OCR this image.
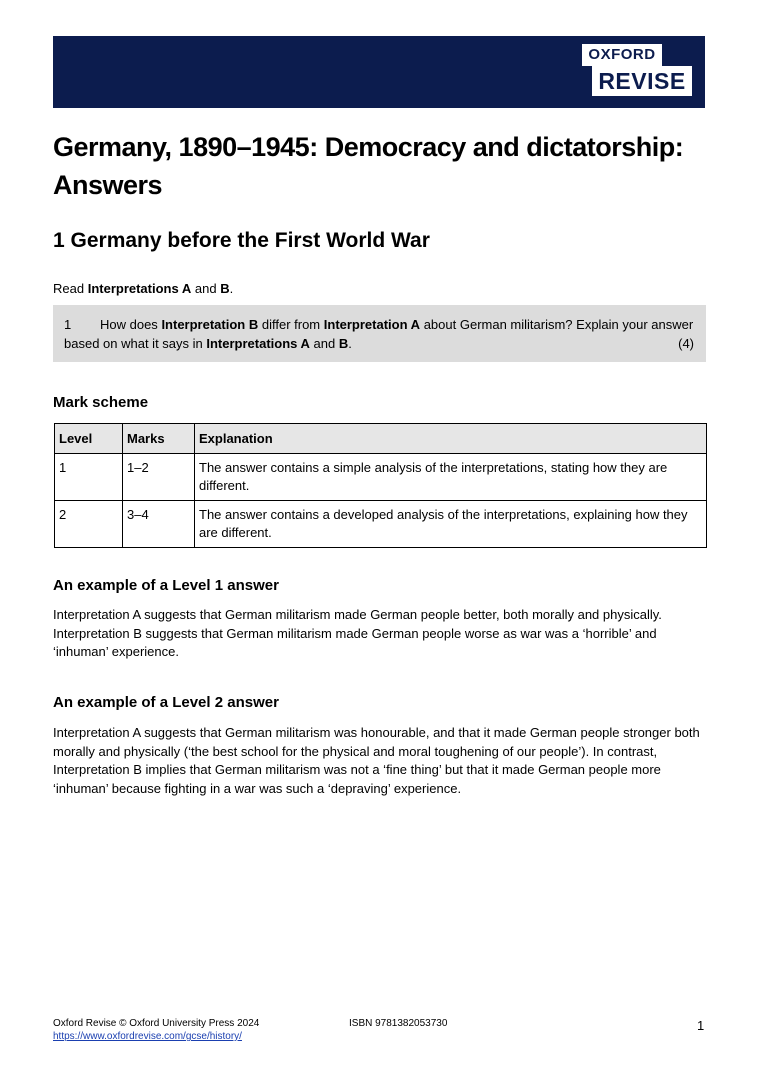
OXFORD
REVISE
Germany, 1890–1945: Democracy and dictatorship: Answers
1 Germany before the First World War
Read Interpretations A and B.
1 How does Interpretation B differ from Interpretation A about German militarism? Explain your answer based on what it says in Interpretations A and B.	(4)
Mark scheme
Level	Marks	Explanation
1	1–2	The answer contains a simple analysis of the interpretations, stating how they are different.
2	3–4	The answer contains a developed analysis of the interpretations, explaining how they are different.
An example of a Level 1 answer

Interpretation A suggests that German militarism made German people better, both morally and physically. Interpretation B suggests that German militarism made German people worse as war was a ‘horrible’ and ‘inhuman’ experience.

An example of a Level 2 answer

Interpretation A suggests that German militarism was honourable, and that it made German people stronger both morally and physically (‘the best school for the physical and moral toughening of our people’). In contrast, Interpretation B implies that German militarism was not a ‘fine thing’ but that it made German people more ‘inhuman’ because fighting in a war was such a ‘depraving’ experience.

Oxford Revise © Oxford University Press 2024
https://www.oxfordrevise.com/gcse/history/
ISBN 9781382053730	1
